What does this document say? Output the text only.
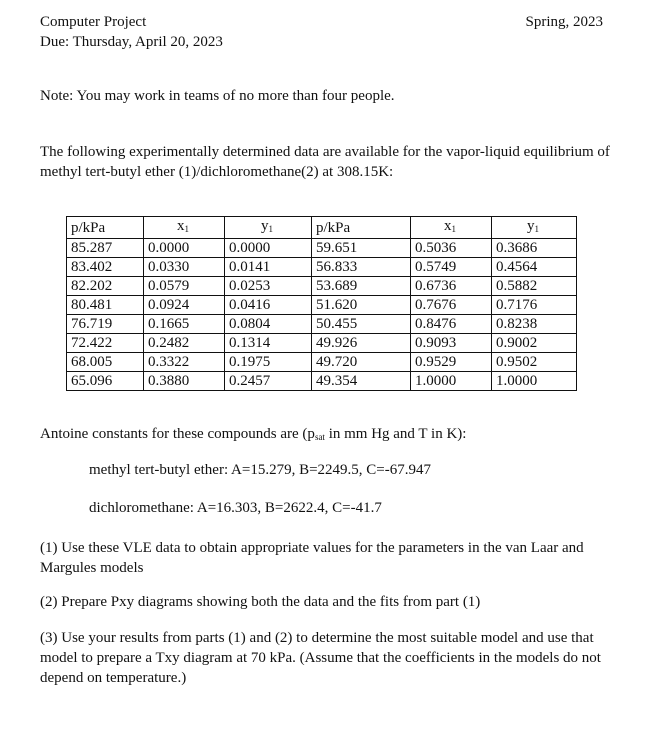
Computer Project
Due: Thursday, April 20, 2023
Spring, 2023
Note: You may work in teams of no more than four people.
The following experimentally determined data are available for the vapor-liquid equilibrium of methyl tert-butyl ether (1)/dichloromethane(2) at 308.15K:
p/kPa	$x_1$	$y_1$	p/kPa	$x_1$	$y_1$
85.287	0.0000	0.0000	59.651	0.5036	0.3686
83.402	0.0330	0.0141	56.833	0.5749	0.4564
82.202	0.0579	0.0253	53.689	0.6736	0.5882
80.481	0.0924	0.0416	51.620	0.7676	0.7176
76.719	0.1665	0.0804	50.455	0.8476	0.8238
72.422	0.2482	0.1314	49.926	0.9093	0.9002
68.005	0.3322	0.1975	49.720	0.9529	0.9502
65.096	0.3880	0.2457	49.354	1.0000	1.0000
Antoine constants for these compounds are ($p_{sat}$ in mm Hg and T in K):
methyl tert-butyl ether: A=15.279, B=2249.5, C=-67.947
dichloromethane: A=16.303, B=2622.4, C=-41.7
(1) Use these VLE data to obtain appropriate values for the parameters in the van Laar and Margules models
(2) Prepare Pxy diagrams showing both the data and the fits from part (1)
(3) Use your results from parts (1) and (2) to determine the most suitable model and use that model to prepare a Txy diagram at 70 kPa. (Assume that the coefficients in the models do not depend on temperature.)
